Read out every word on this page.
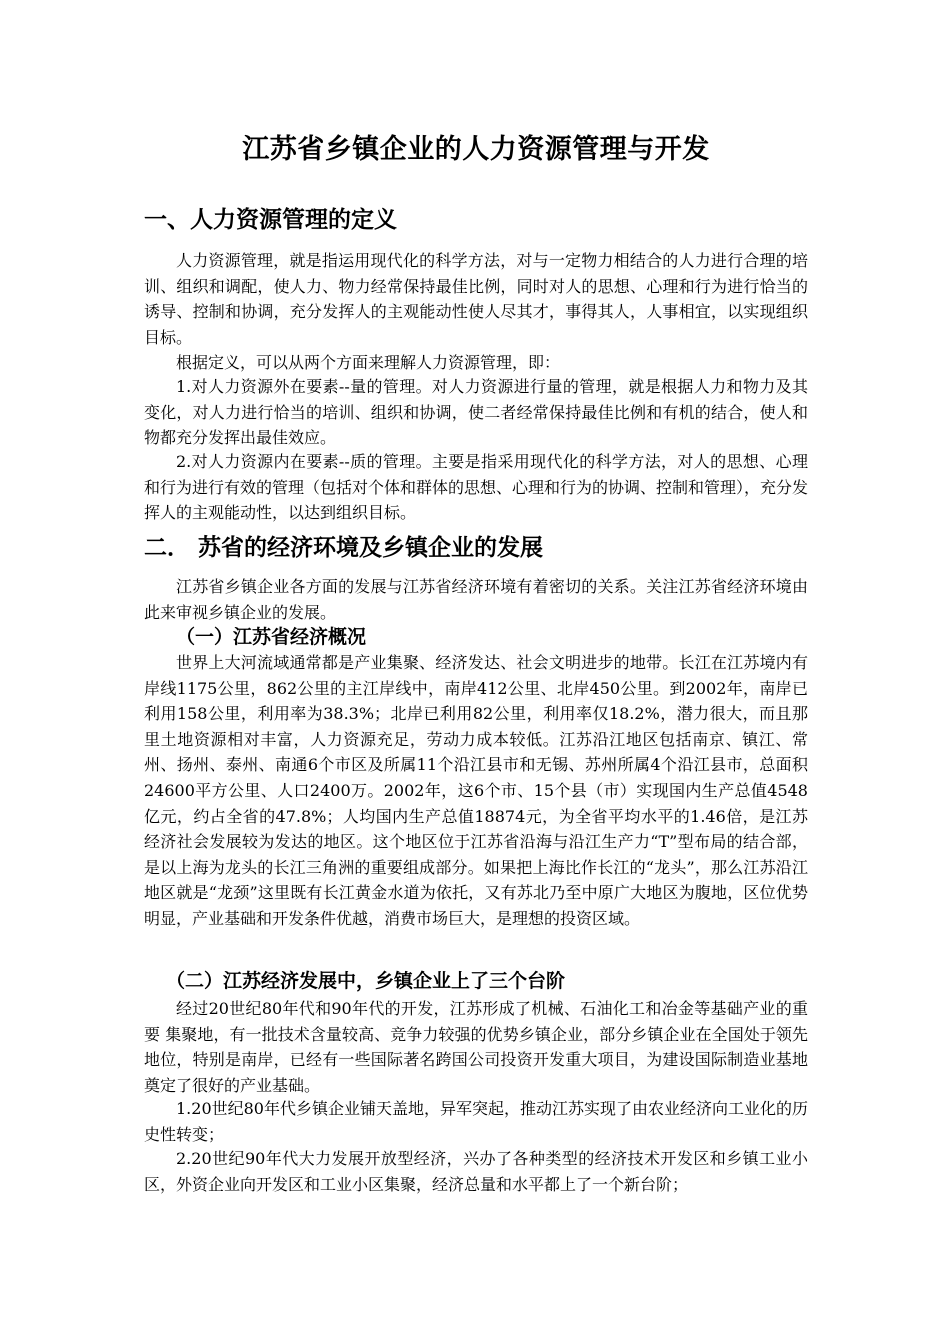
江苏省乡镇企业的人力资源管理与开发
一、人力资源管理的定义

人力资源管理，就是指运用现代化的科学方法，对与一定物力相结合的人力进行合理的培训、组织和调配，使人力、物力经常保持最佳比例，同时对人的思想、心理和行为进行恰当的诱导、控制和协调，充分发挥人的主观能动性使人尽其才，事得其人，人事相宜，以实现组织目标。

根据定义，可以从两个方面来理解人力资源管理，即：

1.对人力资源外在要素--量的管理。对人力资源进行量的管理，就是根据人力和物力及其变化，对人力进行恰当的培训、组织和协调，使二者经常保持最佳比例和有机的结合，使人和物都充分发挥出最佳效应。

2.对人力资源内在要素--质的管理。主要是指采用现代化的科学方法，对人的思想、心理和行为进行有效的管理（包括对个体和群体的思想、心理和行为的协调、控制和管理），充分发挥人的主观能动性，以达到组织目标。

二． 苏省的经济环境及乡镇企业的发展

江苏省乡镇企业各方面的发展与江苏省经济环境有着密切的关系。关注江苏省经济环境由此来审视乡镇企业的发展。

（一）江苏省经济概况

世界上大河流域通常都是产业集聚、经济发达、社会文明进步的地带。长江在江苏境内有岸线1175公里，862公里的主江岸线中，南岸412公里、北岸450公里。到2002年，南岸已利用158公里，利用率为38.3%；北岸已利用82公里，利用率仅18.2%，潜力很大，而且那里土地资源相对丰富，人力资源充足，劳动力成本较低。江苏沿江地区包括南京、镇江、常州、扬州、泰州、南通6个市区及所属11个沿江县市和无锡、苏州所属4个沿江县市，总面积24600平方公里、人口2400万。2002年，这6个市、15个县（市）实现国内生产总值4548亿元，约占全省的47.8%；人均国内生产总值18874元，为全省平均水平的1.46倍，是江苏经济社会发展较为发达的地区。这个地区位于江苏省沿海与沿江生产力“T”型布局的结合部，是以上海为龙头的长江三角洲的重要组成部分。如果把上海比作长江的“龙头”，那么江苏沿江地区就是“龙颈”这里既有长江黄金水道为依托，又有苏北乃至中原广大地区为腹地，区位优势明显，产业基础和开发条件优越，消费市场巨大，是理想的投资区域。

（二）江苏经济发展中，乡镇企业上了三个台阶

经过20世纪80年代和90年代的开发，江苏形成了机械、石油化工和冶金等基础产业的重要 集聚地，有一批技术含量较高、竞争力较强的优势乡镇企业，部分乡镇企业在全国处于领先地位，特别是南岸，已经有一些国际著名跨国公司投资开发重大项目，为建设国际制造业基地奠定了很好的产业基础。

1.20世纪80年代乡镇企业铺天盖地，异军突起，推动江苏实现了由农业经济向工业化的历史性转变；

2.20世纪90年代大力发展开放型经济，兴办了各种类型的经济技术开发区和乡镇工业小区，外资企业向开发区和工业小区集聚，经济总量和水平都上了一个新台阶；
